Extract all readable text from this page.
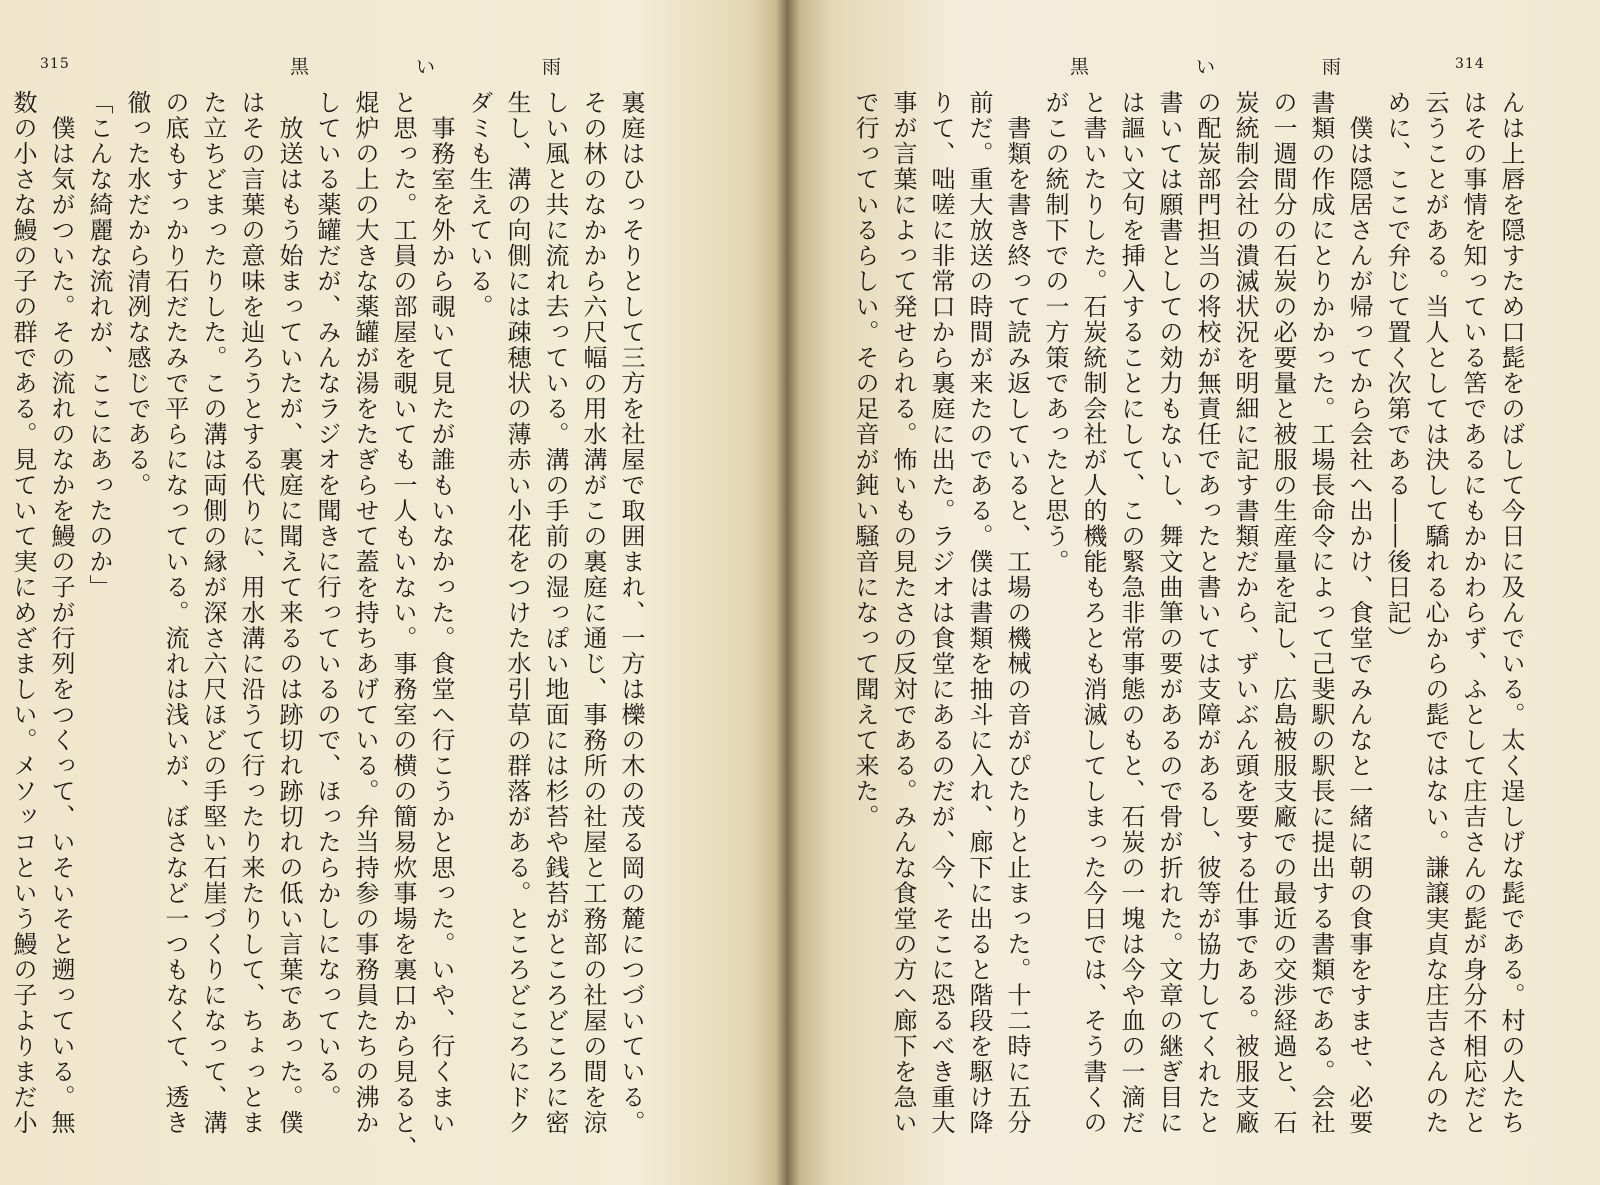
315	黒　い　雨
裏庭はひっそりとして三方を社屋で取囲まれ、一方は櫟の木の茂る岡の麓につづいている。
その林のなかから六尺幅の用水溝がこの裏庭に通じ、事務所の社屋と工務部の社屋の間を涼
しい風と共に流れ去っている。溝の手前の湿っぽい地面には杉苔や銭苔がところどころに密
生し、溝の向側には疎穂状の薄赤い小花をつけた水引草の群落がある。ところどころにドク
ダミも生えている。
　事務室を外から覗いて見たが誰もいなかった。食堂へ行こうかと思った。いや、行くまい
と思った。工員の部屋を覗いても一人もいない。事務室の横の簡易炊事場を裏口から見ると、
焜炉の上の大きな薬罐が湯をたぎらせて蓋を持ちあげている。弁当持参の事務員たちの沸か
している薬罐だが、みんなラジオを聞きに行っているので、ほったらかしになっている。
　放送はもう始まっていたが、裏庭に聞えて来るのは跡切れ跡切れの低い言葉であった。僕
はその言葉の意味を辿ろうとする代りに、用水溝に沿うて行ったり来たりして、ちょっとま
た立ちどまったりした。この溝は両側の縁が深さ六尺ほどの手堅い石崖づくりになって、溝
の底もすっかり石だたみで平らになっている。流れは浅いが、ぼさなど一つもなくて、透き
徹った水だから清冽な感じである。
「こんな綺麗な流れが、ここにあったのか」
　僕は気がついた。その流れのなかを鰻の子が行列をつくって、いそいそと遡っている。無
数の小さな鰻の子の群である。見ていて実にめざましい。メソッコという鰻の子よりまだ小
黒　い　雨	314
んは上唇を隠すため口髭をのばして今日に及んでいる。太く逞しげな髭である。村の人たち
はその事情を知っている筈であるにもかかわらず、ふとして庄吉さんの髭が身分不相応だと
云うことがある。当人としては決して驕れる心からの髭ではない。謙譲実貞な庄吉さんのた
めに、ここで弁じて置く次第である――後日記）
　僕は隠居さんが帰ってから会社へ出かけ、食堂でみんなと一緒に朝の食事をすませ、必要
書類の作成にとりかかった。工場長命令によって己斐駅の駅長に提出する書類である。会社
の一週間分の石炭の必要量と被服の生産量を記し、広島被服支廠での最近の交渉経過と、石
炭統制会社の潰滅状況を明細に記す書類だから、ずいぶん頭を要する仕事である。被服支廠
の配炭部門担当の将校が無責任であったと書いては支障があるし、彼等が協力してくれたと
書いては願書としての効力もないし、舞文曲筆の要があるので骨が折れた。文章の継ぎ目に
は謳い文句を挿入することにして、この緊急非常事態のもと、石炭の一塊は今や血の一滴だ
と書いたりした。石炭統制会社が人的機能もろとも消滅してしまった今日では、そう書くの
がこの統制下での一方策であったと思う。
　書類を書き終って読み返していると、工場の機械の音がぴたりと止まった。十二時に五分
前だ。重大放送の時間が来たのである。僕は書類を抽斗に入れ、廊下に出ると階段を駆け降
りて、咄嗟に非常口から裏庭に出た。ラジオは食堂にあるのだが、今、そこに恐るべき重大
事が言葉によって発せられる。怖いもの見たさの反対である。みんな食堂の方へ廊下を急い
で行っているらしい。その足音が鈍い騒音になって聞えて来た。
